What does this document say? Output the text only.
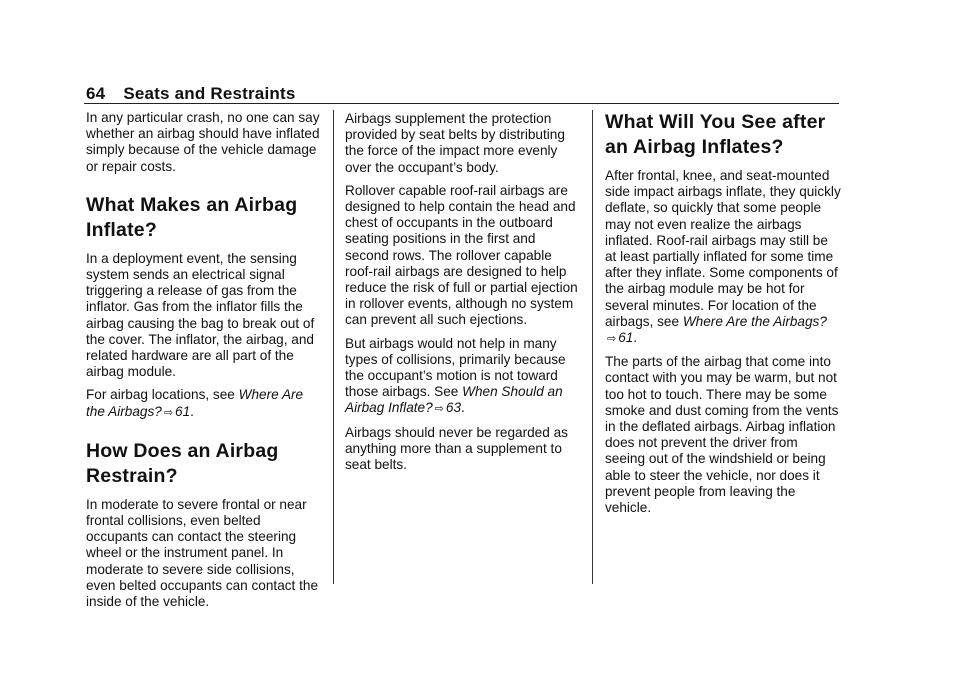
64 Seats and Restraints

In any particular crash, no one can say whether an airbag should have inflated simply because of the vehicle damage or repair costs.

What Makes an Airbag Inflate?

In a deployment event, the sensing system sends an electrical signal triggering a release of gas from the inflator. Gas from the inflator fills the airbag causing the bag to break out of the cover. The inflator, the airbag, and related hardware are all part of the airbag module.

For airbag locations, see Where Are the Airbags? ⇨ 61.

How Does an Airbag Restrain?

In moderate to severe frontal or near frontal collisions, even belted occupants can contact the steering wheel or the instrument panel. In moderate to severe side collisions, even belted occupants can contact the inside of the vehicle.

Airbags supplement the protection provided by seat belts by distributing the force of the impact more evenly over the occupant’s body.

Rollover capable roof-rail airbags are designed to help contain the head and chest of occupants in the outboard seating positions in the first and second rows. The rollover capable roof-rail airbags are designed to help reduce the risk of full or partial ejection in rollover events, although no system can prevent all such ejections.

But airbags would not help in many types of collisions, primarily because the occupant’s motion is not toward those airbags. See When Should an Airbag Inflate? ⇨ 63.

Airbags should never be regarded as anything more than a supplement to seat belts.

What Will You See after an Airbag Inflates?

After frontal, knee, and seat-mounted side impact airbags inflate, they quickly deflate, so quickly that some people may not even realize the airbags inflated. Roof-rail airbags may still be at least partially inflated for some time after they inflate. Some components of the airbag module may be hot for several minutes. For location of the airbags, see Where Are the Airbags?⇨ 61.

The parts of the airbag that come into contact with you may be warm, but not too hot to touch. There may be some smoke and dust coming from the vents in the deflated airbags. Airbag inflation does not prevent the driver from seeing out of the windshield or being able to steer the vehicle, nor does it prevent people from leaving the vehicle.
